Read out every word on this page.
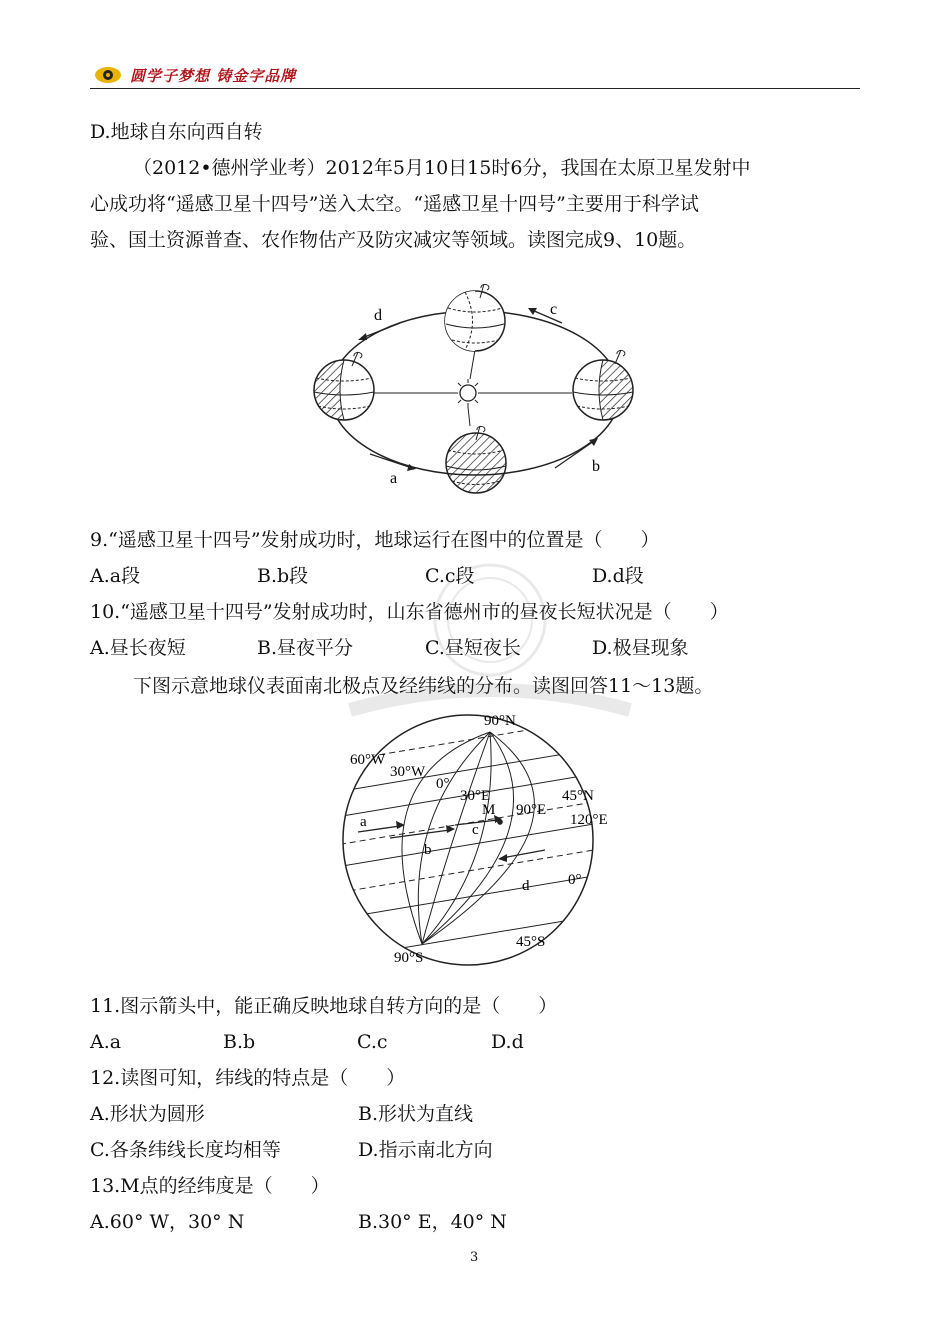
圆学子梦想 铸金字品牌
D.地球自东向西自转
（2012•德州学业考）2012年5月10日15时6分，我国在太原卫星发射中
心成功将“遥感卫星十四号”送入太空。“遥感卫星十四号”主要用于科学试
验、国土资源普查、农作物估产及防灾减灾等领域。读图完成9、10题。
d	c
a
b
9.“遥感卫星十四号”发射成功时，地球运行在图中的位置是（　　）
A.a段	B.b段	C.c段	D.d段
10.“遥感卫星十四号”发射成功时，山东省德州市的昼夜长短状况是（　　）
A.昼长夜短	B.昼夜平分	C.昼短夜长	D.极昼现象
下图示意地球仪表面南北极点及经纬线的分布。读图回答11～13题。
90°N
90°S
60°W
30°W
0°
30°E
M 90°E
45°N
120°E
0°
45°S
a
b
c
d
11.图示箭头中，能正确反映地球自转方向的是（　　）
A.a	B.b	C.c	D.d
12.读图可知，纬线的特点是（　　）
A.形状为圆形	B.形状为直线
C.各条纬线长度均相等	D.指示南北方向
13.M点的经纬度是（　　）
A.60° W，30° N	B.30° E，40° N
3
